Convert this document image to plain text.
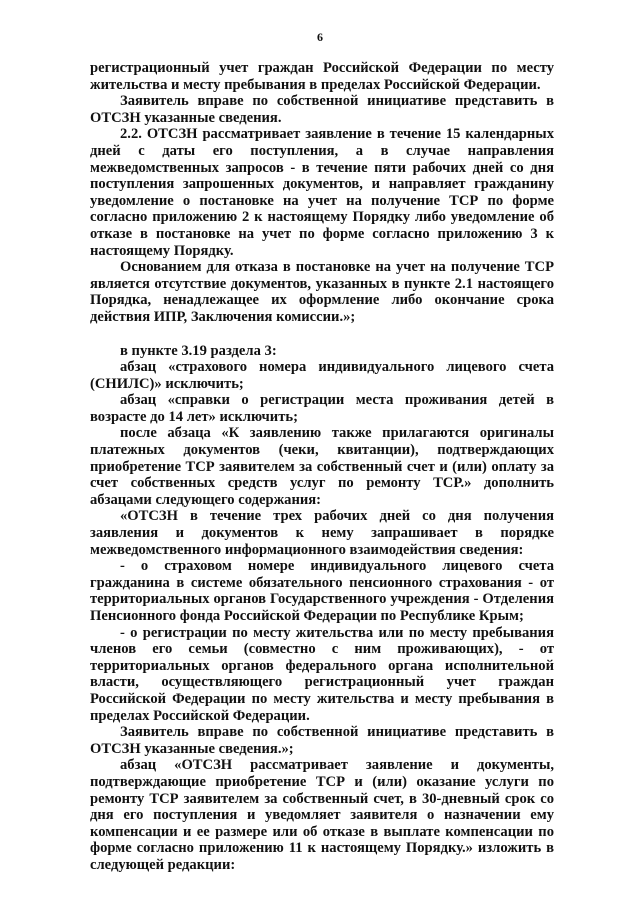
6

регистрационный учет граждан Российской Федерации по месту жительства и месту пребывания в пределах Российской Федерации.

Заявитель вправе по собственной инициативе представить в ОТСЗН указанные сведения.

2.2. ОТСЗН рассматривает заявление в течение 15 календарных дней с даты его поступления, а в случае направления межведомственных запросов - в течение пяти рабочих дней со дня поступления запрошенных документов, и направляет гражданину уведомление о постановке на учет на получение ТСР по форме согласно приложению 2 к настоящему Порядку либо уведомление об отказе в постановке на учет по форме согласно приложению 3 к настоящему Порядку.

Основанием для отказа в постановке на учет на получение ТСР является отсутствие документов, указанных в пункте 2.1 настоящего Порядка, ненадлежащее их оформление либо окончание срока действия ИПР, Заключения комиссии.»;

в пункте 3.19 раздела 3:

абзац «страхового номера индивидуального лицевого счета (СНИЛС)» исключить;

абзац «справки о регистрации места проживания детей в возрасте до 14 лет» исключить;

после абзаца «К заявлению также прилагаются оригиналы платежных документов (чеки, квитанции), подтверждающих приобретение ТСР заявителем за собственный счет и (или) оплату за счет собственных средств услуг по ремонту ТСР.» дополнить абзацами следующего содержания:

«ОТСЗН в течение трех рабочих дней со дня получения заявления и документов к нему запрашивает в порядке межведомственного информационного взаимодействия сведения:

- о страховом номере индивидуального лицевого счета гражданина в системе обязательного пенсионного страхования - от территориальных органов Государственного учреждения - Отделения Пенсионного фонда Российской Федерации по Республике Крым;

- о регистрации по месту жительства или по месту пребывания членов его семьи (совместно с ним проживающих), - от территориальных органов федерального органа исполнительной власти, осуществляющего регистрационный учет граждан Российской Федерации по месту жительства и месту пребывания в пределах Российской Федерации.

Заявитель вправе по собственной инициативе представить в ОТСЗН указанные сведения.»;

абзац «ОТСЗН рассматривает заявление и документы, подтверждающие приобретение ТСР и (или) оказание услуги по ремонту ТСР заявителем за собственный счет, в 30-дневный срок со дня его поступления и уведомляет заявителя о назначении ему компенсации и ее размере или об отказе в выплате компенсации по форме согласно приложению 11 к настоящему Порядку.» изложить в следующей редакции:
